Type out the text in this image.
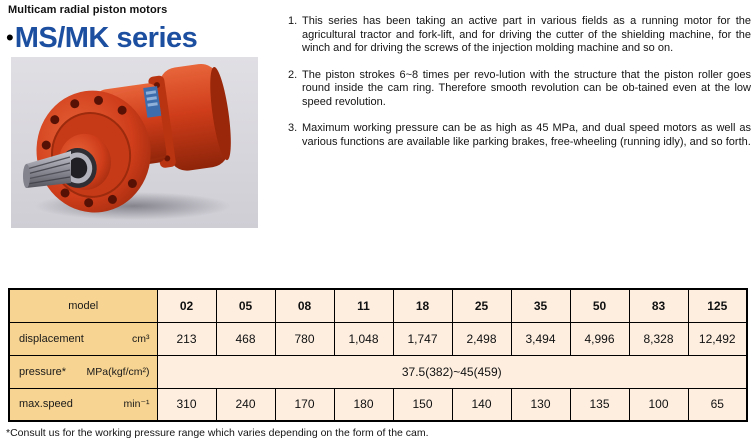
Multicam radial piston motors
• MS/MK series
1. This series has been taking an active part in various fields as a running motor for the agricultural tractor and fork-lift, and for driving the cutter of the shielding machine, for the winch and for driving the screws of the injection molding machine and so on.
2. The piston strokes 6~8 times per revo-lution with the structure that the piston roller goes round inside the cam ring. Therefore smooth revolution can be ob-tained even at the low speed revolution.
3. Maximum working pressure can be as high as 45 MPa, and dual speed motors as well as various functions are available like parking brakes, free-wheeling (running idly), and so forth.
model	02	05	08	11	18	25	35	50	83	125

displacement cm³	213	468	780	1,048	1,747	2,498	3,494	4,996	8,328	12,492

pressure* MPa(kgf/cm²)	37.5(382)~45(459)									

max.speed min⁻¹	310	240	170	180	150	140	130	135	100	65
*Consult us for the working pressure range which varies depending on the form of the cam.
